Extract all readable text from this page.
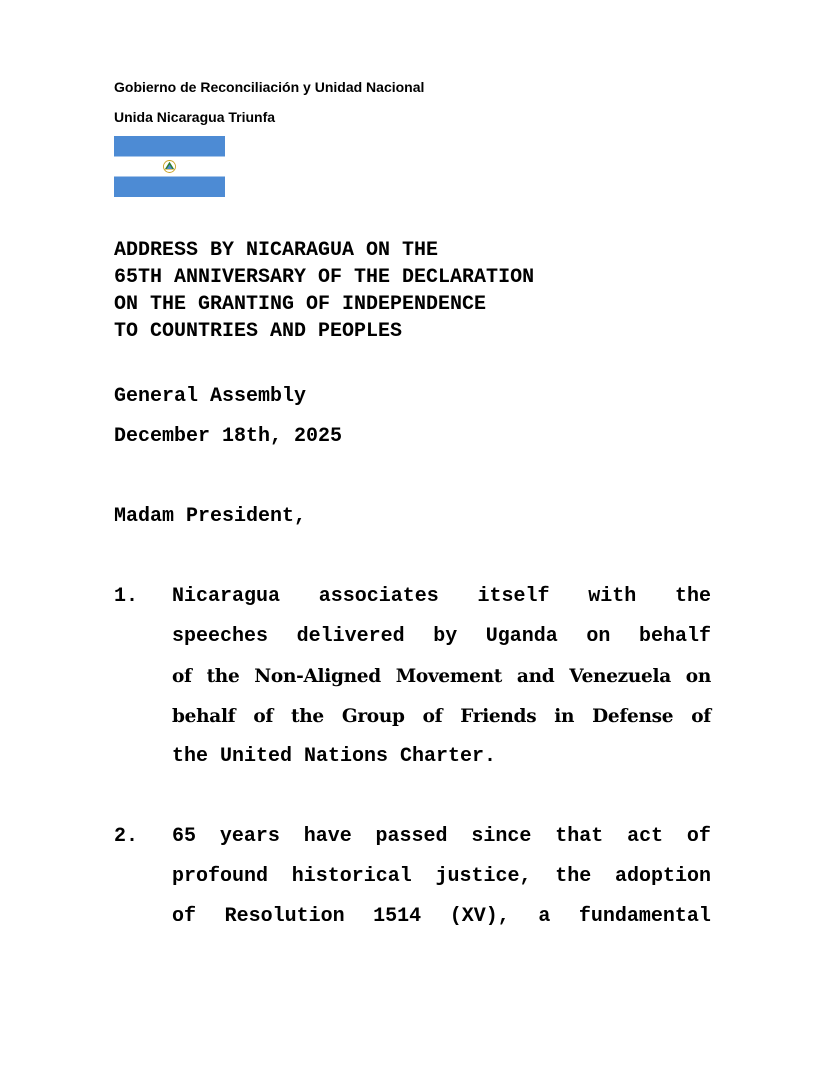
Gobierno de Reconciliación y Unidad Nacional
Unida Nicaragua Triunfa
ADDRESS BY NICARAGUA ON THE
65TH ANNIVERSARY OF THE DECLARATION
ON THE GRANTING OF INDEPENDENCE
TO COUNTRIES AND PEOPLES
General Assembly
December 18th, 2025
Madam President,
1. Nicaragua associates itself with the
speeches delivered by Uganda on behalf
of the Non-Aligned Movement and Venezuela on
behalf of the Group of Friends in Defense of
the United Nations Charter.
2. 65 years have passed since that act of
profound historical justice, the adoption
of Resolution 1514 (XV), a fundamental
